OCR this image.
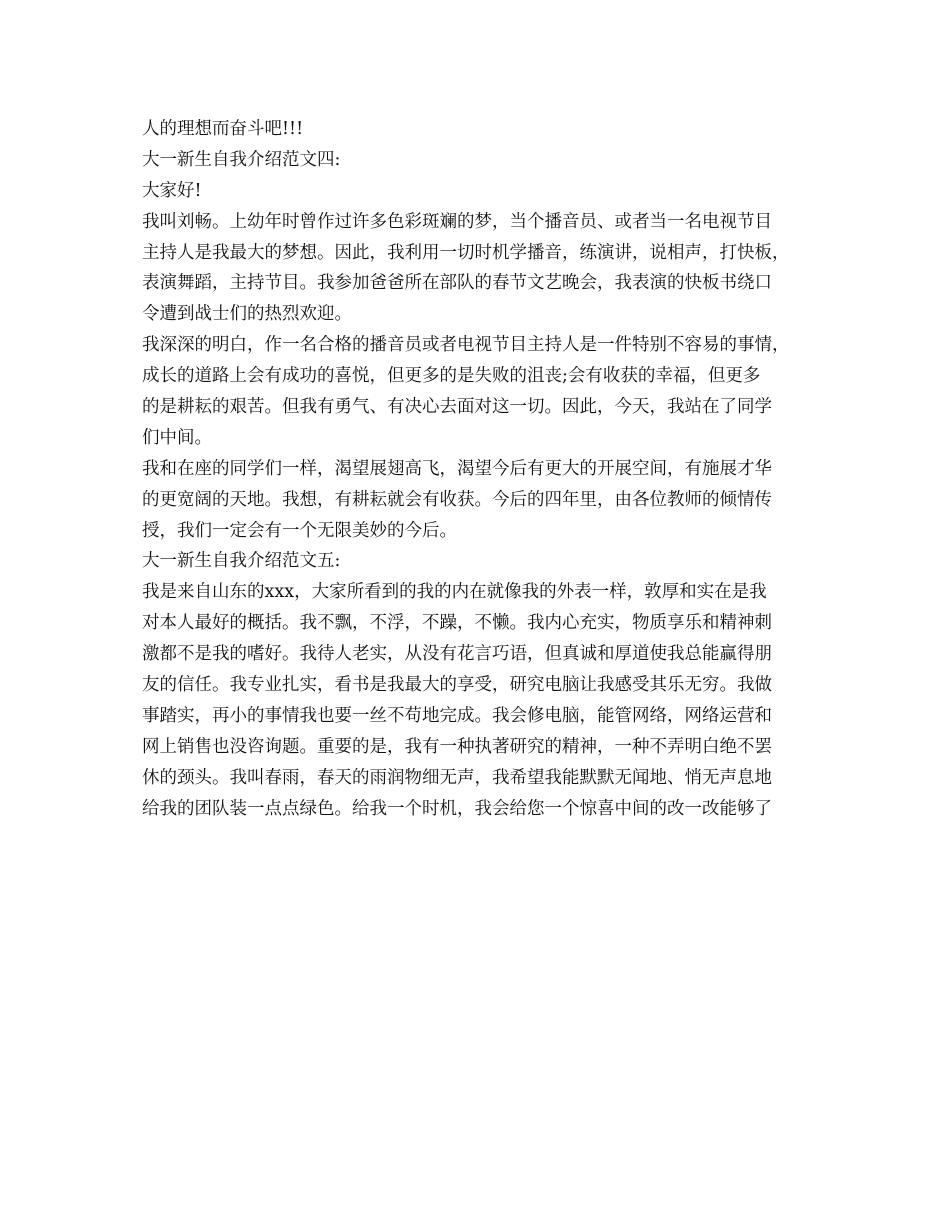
人的理想而奋斗吧!!!
大一新生自我介绍范文四:
大家好!
我叫刘畅。上幼年时曾作过许多色彩斑斓的梦，当个播音员、或者当一名电视节目
主持人是我最大的梦想。因此，我利用一切时机学播音，练演讲，说相声，打快板，
表演舞蹈，主持节目。我参加爸爸所在部队的春节文艺晚会，我表演的快板书绕口
令遭到战士们的热烈欢迎。
我深深的明白，作一名合格的播音员或者电视节目主持人是一件特别不容易的事情，
成长的道路上会有成功的喜悦，但更多的是失败的沮丧;会有收获的幸福，但更多
的是耕耘的艰苦。但我有勇气、有决心去面对这一切。因此，今天，我站在了同学
们中间。
我和在座的同学们一样，渴望展翅高飞，渴望今后有更大的开展空间，有施展才华
的更宽阔的天地。我想，有耕耘就会有收获。今后的四年里，由各位教师的倾情传
授，我们一定会有一个无限美妙的今后。
大一新生自我介绍范文五:
我是来自山东的xxx，大家所看到的我的内在就像我的外表一样，敦厚和实在是我
对本人最好的概括。我不飘，不浮，不躁，不懒。我内心充实，物质享乐和精神刺
激都不是我的嗜好。我待人老实，从没有花言巧语，但真诚和厚道使我总能赢得朋
友的信任。我专业扎实，看书是我最大的享受，研究电脑让我感受其乐无穷。我做
事踏实，再小的事情我也要一丝不苟地完成。我会修电脑，能管网络，网络运营和
网上销售也没咨询题。重要的是，我有一种执著研究的精神，一种不弄明白绝不罢
休的颈头。我叫春雨，春天的雨润物细无声，我希望我能默默无闻地、悄无声息地
给我的团队装一点点绿色。给我一个时机，我会给您一个惊喜中间的改一改能够了
